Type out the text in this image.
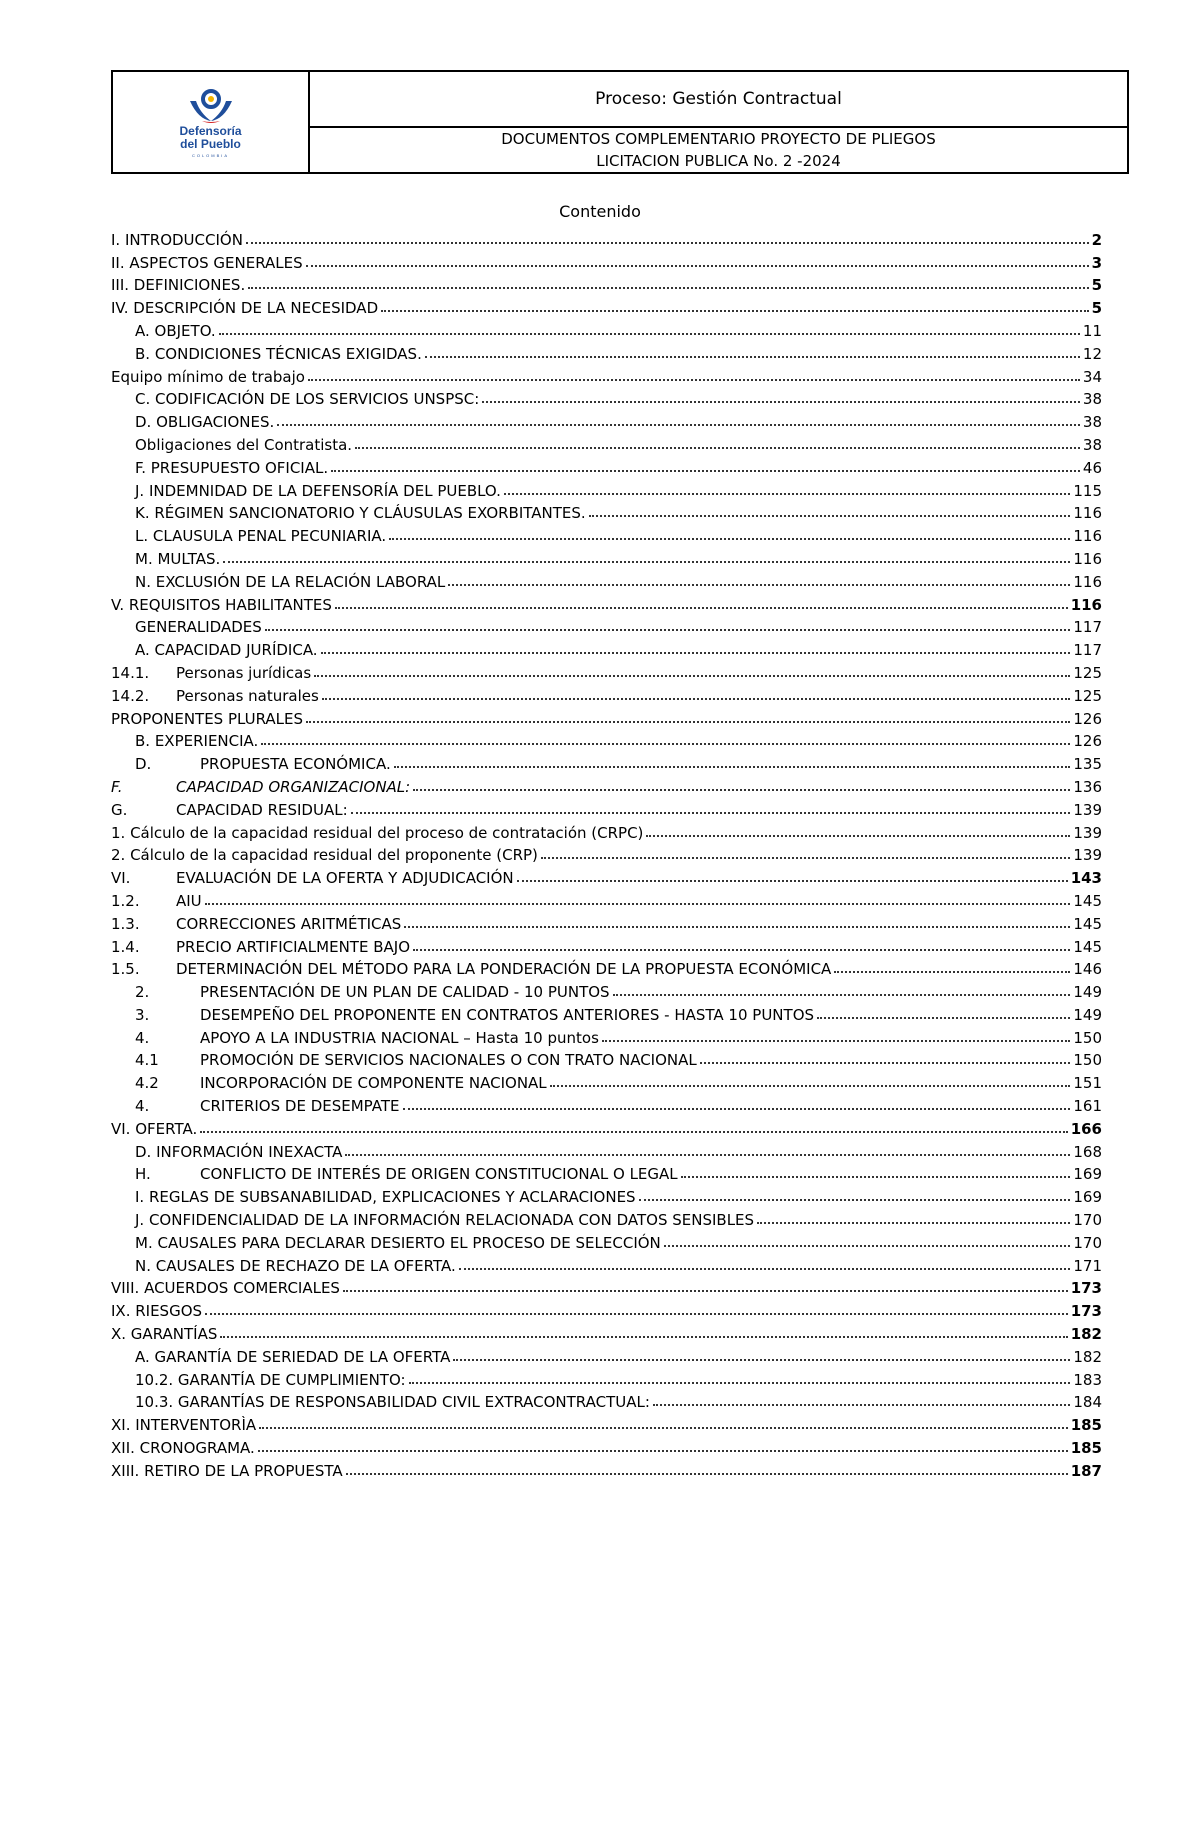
Defensoría
del Pueblo
COLOMBIA
Proceso: Gestión Contractual
DOCUMENTOS COMPLEMENTARIO PROYECTO DE PLIEGOS
LICITACION PUBLICA No. 2 -2024
Contenido
I. INTRODUCCIÓN	2
II. ASPECTOS GENERALES	3
III. DEFINICIONES.	5
IV. DESCRIPCIÓN DE LA NECESIDAD	5
A. OBJETO.	11
B. CONDICIONES TÉCNICAS EXIGIDAS.	12
Equipo mínimo de trabajo	34
C. CODIFICACIÓN DE LOS SERVICIOS UNSPSC:	38
D. OBLIGACIONES.	38
Obligaciones del Contratista.	38
F. PRESUPUESTO OFICIAL.	46
J. INDEMNIDAD DE LA DEFENSORÍA DEL PUEBLO.	115
K. RÉGIMEN SANCIONATORIO Y CLÁUSULAS EXORBITANTES.	116
L. CLAUSULA PENAL PECUNIARIA.	116
M. MULTAS.	116
N. EXCLUSIÓN DE LA RELACIÓN LABORAL	116
V. REQUISITOS HABILITANTES	116
GENERALIDADES	117
A. CAPACIDAD JURÍDICA.	117
14.1.	Personas jurídicas	125
14.2.	Personas naturales	125
PROPONENTES PLURALES	126
B. EXPERIENCIA.	126
D.	PROPUESTA ECONÓMICA.	135
F.	CAPACIDAD ORGANIZACIONAL:	136
G.	CAPACIDAD RESIDUAL:	139
1. Cálculo de la capacidad residual del proceso de contratación (CRPC)	139
2. Cálculo de la capacidad residual del proponente (CRP)	139
VI.	EVALUACIÓN DE LA OFERTA Y ADJUDICACIÓN	143
1.2.	AIU	145
1.3.	CORRECCIONES ARITMÉTICAS	145
1.4.	PRECIO ARTIFICIALMENTE BAJO	145
1.5.	DETERMINACIÓN DEL MÉTODO PARA LA PONDERACIÓN DE LA PROPUESTA ECONÓMICA	146
2.	PRESENTACIÓN DE UN PLAN DE CALIDAD - 10 PUNTOS	149
3.	DESEMPEÑO DEL PROPONENTE EN CONTRATOS ANTERIORES - HASTA 10 PUNTOS	149
4.	APOYO A LA INDUSTRIA NACIONAL – Hasta 10 puntos	150
4.1	PROMOCIÓN DE SERVICIOS NACIONALES O CON TRATO NACIONAL	150
4.2	INCORPORACIÓN DE COMPONENTE NACIONAL	151
4.	CRITERIOS DE DESEMPATE	161
VI. OFERTA.	166
D. INFORMACIÓN INEXACTA	168
H.	CONFLICTO DE INTERÉS DE ORIGEN CONSTITUCIONAL O LEGAL	169
I. REGLAS DE SUBSANABILIDAD, EXPLICACIONES Y ACLARACIONES	169
J. CONFIDENCIALIDAD DE LA INFORMACIÓN RELACIONADA CON DATOS SENSIBLES	170
M. CAUSALES PARA DECLARAR DESIERTO EL PROCESO DE SELECCIÓN	170
N. CAUSALES DE RECHAZO DE LA OFERTA.	171
VIII. ACUERDOS COMERCIALES	173
IX. RIESGOS	173
X. GARANTÍAS	182
A. GARANTÍA DE SERIEDAD DE LA OFERTA	182
10.2. GARANTÍA DE CUMPLIMIENTO:	183
10.3. GARANTÍAS DE RESPONSABILIDAD CIVIL EXTRACONTRACTUAL:	184
XI. INTERVENTORÌA	185
XII. CRONOGRAMA.	185
XIII. RETIRO DE LA PROPUESTA	187
